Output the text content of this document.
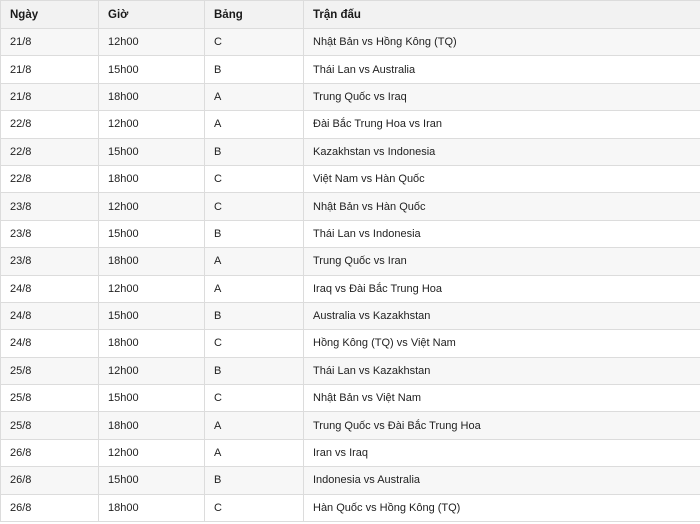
Ngày	Giờ	Bảng	Trận đấu
21/8	12h00	C	Nhật Bản vs Hồng Kông (TQ)
21/8	15h00	B	Thái Lan vs Australia
21/8	18h00	A	Trung Quốc vs Iraq
22/8	12h00	A	Đài Bắc Trung Hoa vs Iran
22/8	15h00	B	Kazakhstan vs Indonesia
22/8	18h00	C	Việt Nam vs Hàn Quốc
23/8	12h00	C	Nhật Bản vs Hàn Quốc
23/8	15h00	B	Thái Lan vs Indonesia
23/8	18h00	A	Trung Quốc vs Iran
24/8	12h00	A	Iraq vs Đài Bắc Trung Hoa
24/8	15h00	B	Australia vs Kazakhstan
24/8	18h00	C	Hồng Kông (TQ) vs Việt Nam
25/8	12h00	B	Thái Lan vs Kazakhstan
25/8	15h00	C	Nhật Bản vs Việt Nam
25/8	18h00	A	Trung Quốc vs Đài Bắc Trung Hoa
26/8	12h00	A	Iran vs Iraq
26/8	15h00	B	Indonesia vs Australia
26/8	18h00	C	Hàn Quốc vs Hồng Kông (TQ)
